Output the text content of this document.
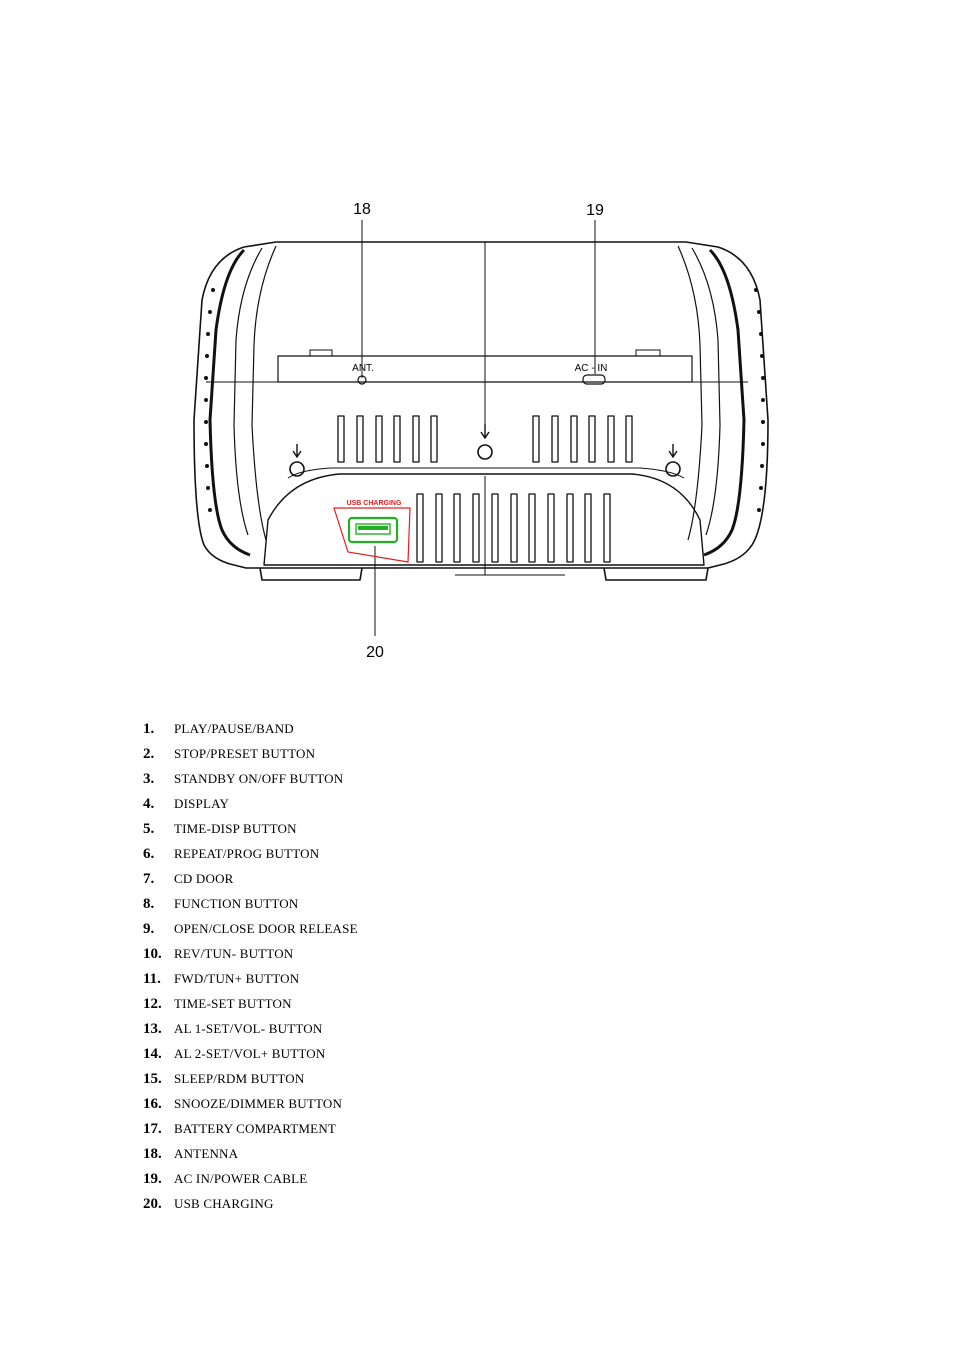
18	19
20
ANT.	AC - IN
USB CHARGING
1. PLAY/PAUSE/BAND
2. STOP/PRESET BUTTON
3. STANDBY ON/OFF BUTTON
4. DISPLAY
5. TIME-DISP BUTTON
6. REPEAT/PROG BUTTON
7. CD DOOR
8. FUNCTION BUTTON
9. OPEN/CLOSE DOOR RELEASE
10. REV/TUN- BUTTON
11. FWD/TUN+ BUTTON
12. TIME-SET BUTTON
13. AL 1-SET/VOL- BUTTON
14. AL 2-SET/VOL+ BUTTON
15. SLEEP/RDM BUTTON
16. SNOOZE/DIMMER BUTTON
17. BATTERY COMPARTMENT
18. ANTENNA
19. AC IN/POWER CABLE
20. USB CHARGING
